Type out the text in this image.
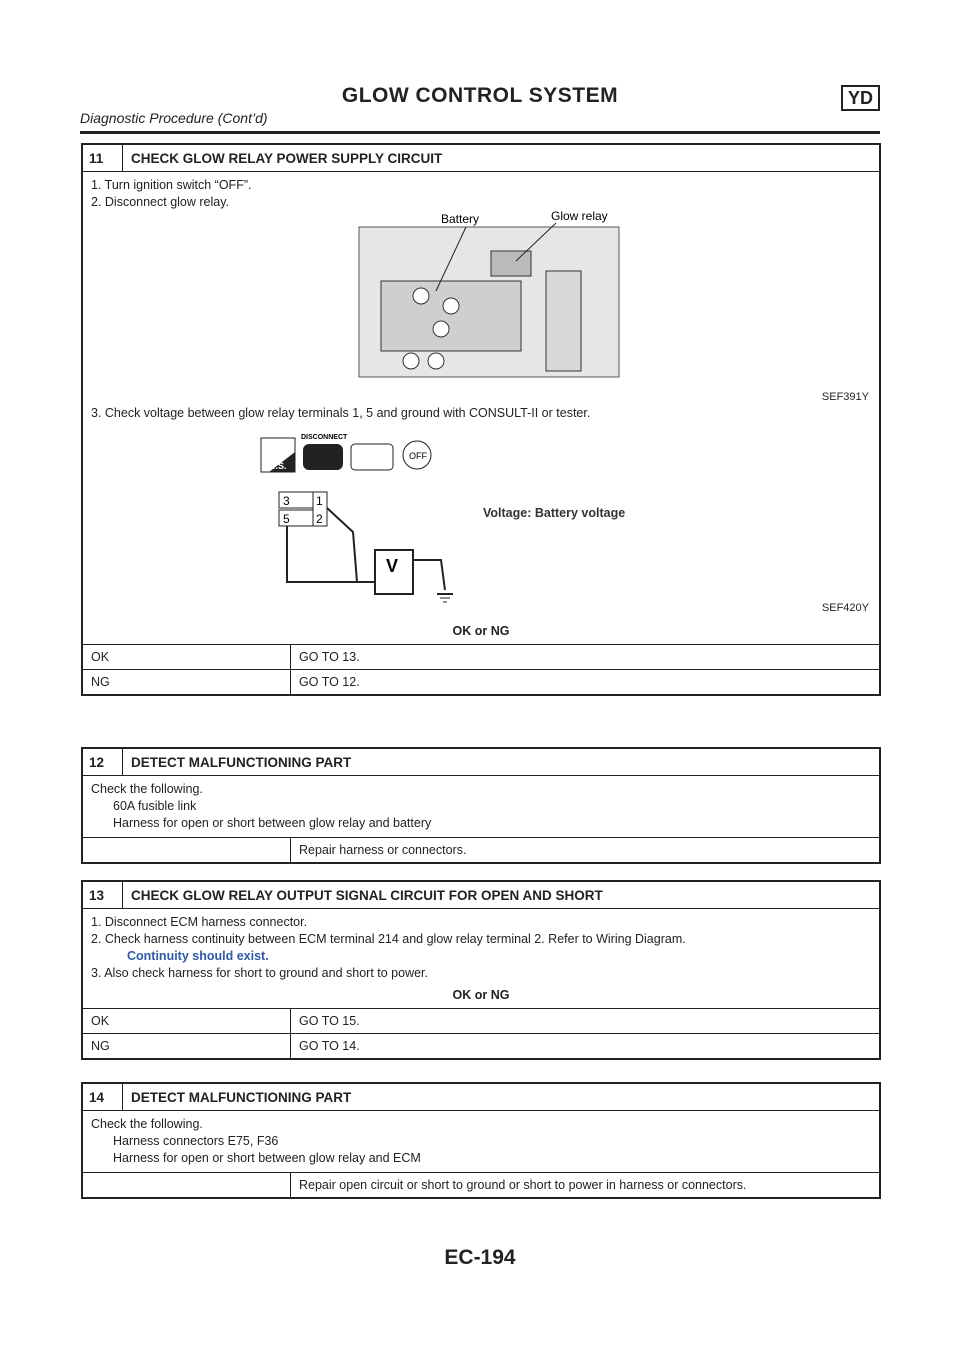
GLOW CONTROL SYSTEM	YD
Diagnostic Procedure (Cont’d)
11	CHECK GLOW RELAY POWER SUPPLY CIRCUIT
1. Turn ignition switch “OFF”.
2. Disconnect glow relay.
Battery	Glow relay
SEF391Y
3. Check voltage between glow relay terminals 1, 5 and ground with CONSULT-II or tester.
T.S.
DISCONNECT
OFF
3
5
1
2
V
Voltage: Battery voltage
SEF420Y
OK or NG
OK	GO TO 13.
NG	GO TO 12.
12	DETECT MALFUNCTIONING PART
Check the following.
60A fusible link
Harness for open or short between glow relay and battery
Repair harness or connectors.
13	CHECK GLOW RELAY OUTPUT SIGNAL CIRCUIT FOR OPEN AND SHORT
1. Disconnect ECM harness connector.
2. Check harness continuity between ECM terminal 214 and glow relay terminal 2. Refer to Wiring Diagram.
Continuity should exist.
3. Also check harness for short to ground and short to power.
OK or NG
OK	GO TO 15.
NG	GO TO 14.
14	DETECT MALFUNCTIONING PART
Check the following.
Harness connectors E75, F36
Harness for open or short between glow relay and ECM
Repair open circuit or short to ground or short to power in harness or connectors.
EC-194
